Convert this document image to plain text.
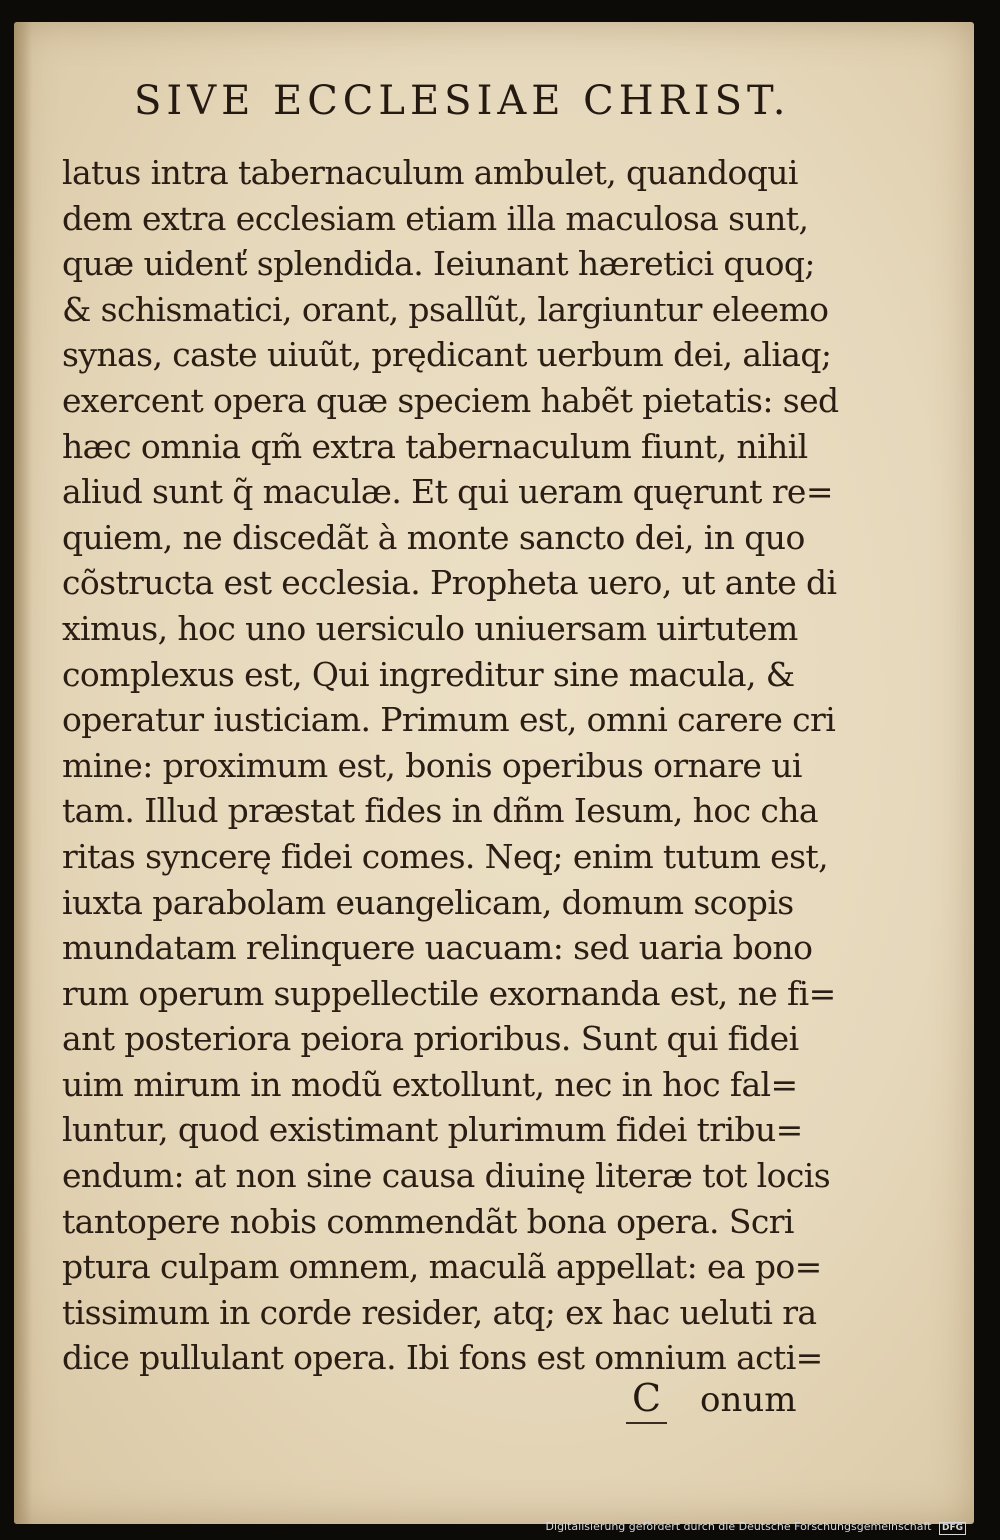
SIVE ECCLESIAE CHRIST.
latus intra tabernaculum ambulet, quandoqui
dem extra ecclesiam etiam illa maculosa sunt,
quæ uidenť splendida. Ieiunant hæretici quoq;
& schismatici, orant, psallũt, largiuntur eleemo
synas, caste uiuũt, prędicant uerbum dei, aliaq;
exercent opera quæ speciem habẽt pietatis: sed
hæc omnia qm̃ extra tabernaculum fiunt, nihil
aliud sunt q̃ maculæ. Et qui ueram quęrunt re=
quiem, ne discedãt à monte sancto dei, in quo
cõstructa est ecclesia. Propheta uero, ut ante di
ximus, hoc uno uersiculo uniuersam uirtutem
complexus est, Qui ingreditur sine macula, &
operatur iusticiam. Primum est, omni carere cri
mine: proximum est, bonis operibus ornare ui
tam. Illud præstat fides in dñm Iesum, hoc cha
ritas syncerę fidei comes. Neq; enim tutum est,
iuxta parabolam euangelicam, domum scopis
mundatam relinquere uacuam: sed uaria bono
rum operum suppellectile exornanda est, ne fi=
ant posteriora peiora prioribus. Sunt qui fidei
uim mirum in modũ extollunt, nec in hoc fal=
luntur, quod existimant plurimum fidei tribu=
endum: at non sine causa diuinę literæ tot locis
tantopere nobis commendãt bona opera. Scri
ptura culpam omnem, maculã appellat: ea po=
tissimum in corde resider, atq; ex hac ueluti ra
dice pullulant opera. Ibi fons est omnium acti=
C onum
Digitalisierung gefördert durch die Deutsche Forschungsgemeinschaft DFG
